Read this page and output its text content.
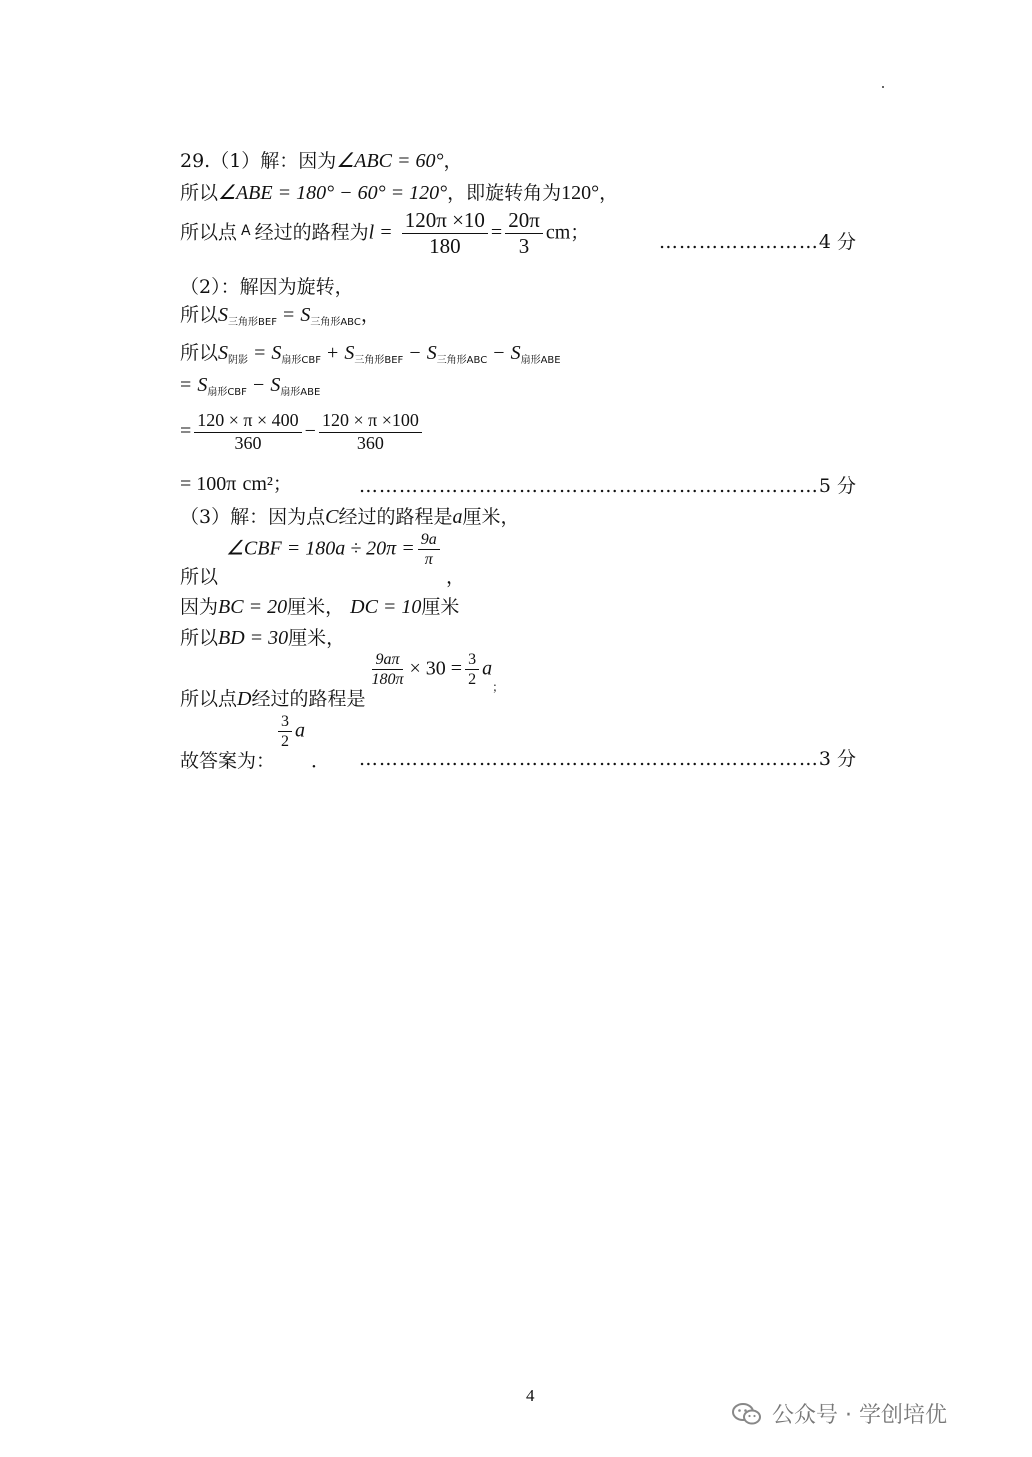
29.（1）解：因为∠ABC = 60°，
所以∠ABE = 180° − 60° = 120°，即旋转角为120°，
所以点 $^A$ 经过的路程为$l = \frac{120\pi \times 10}{180} = \frac{20\pi}{3}$ cm；	……………………4 分
（2）：解因为旋转，
所以$S_{三角形BEF} = S_{三角形ABC}$，
所以$S_{阴影} = S_{扇形CBF} + S_{三角形BEF} - S_{三角形ABC} - S_{扇形ABE}$
= $S_{扇形CBF} - S_{扇形ABE}$
= $\frac{120 \times \pi \times 400}{360} - \frac{120 \times \pi \times 100}{360}$
= 100π cm²；	……………………………………………………………5 分
（3）解：因为点C经过的路程是a厘米，
∠CBF = $180a \div 20\pi = \frac{9a}{\pi}$
所以	，
因为BC = 20厘米， DC = 10厘米
所以BD = 30厘米，
所以点D经过的路程是
$\frac{9a\pi}{180\pi} \times 30 = \frac{3}{2} a_;$
故答案为：
$\frac{3}{2}$ a． ……………………………………………………………3 分
4
公众号 · 学创培优
